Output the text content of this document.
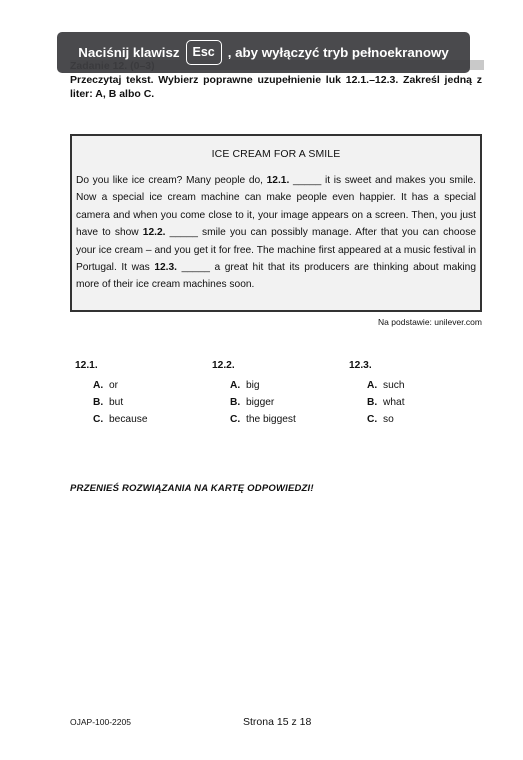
Przeczytaj tekst. Wybierz poprawne uzupełnienie luk 12.1.–12.3. Zakreśl jedną z liter: A, B albo C.
ICE CREAM FOR A SMILE
Do you like ice cream? Many people do, 12.1. _____ it is sweet and makes you smile. Now a special ice cream machine can make people even happier. It has a special camera and when you come close to it, your image appears on a screen. Then, you just have to show 12.2. _____ smile you can possibly manage. After that you can choose your ice cream – and you get it for free. The machine first appeared at a music festival in Portugal. It was 12.3. _____ a great hit that its producers are thinking about making more of their ice cream machines soon.
Na podstawie: unilever.com
12.1.
A. or
B. but
C. because
12.2.
A. big
B. bigger
C. the biggest
12.3.
A. such
B. what
C. so
PRZENIEŚ ROZWIĄZANIA NA KARTĘ ODPOWIEDZI!
OJAP-100-2205	Strona 15 z 18
Naciśnij klawisz	Esc , aby wyłączyć tryb pełnoekranowy
